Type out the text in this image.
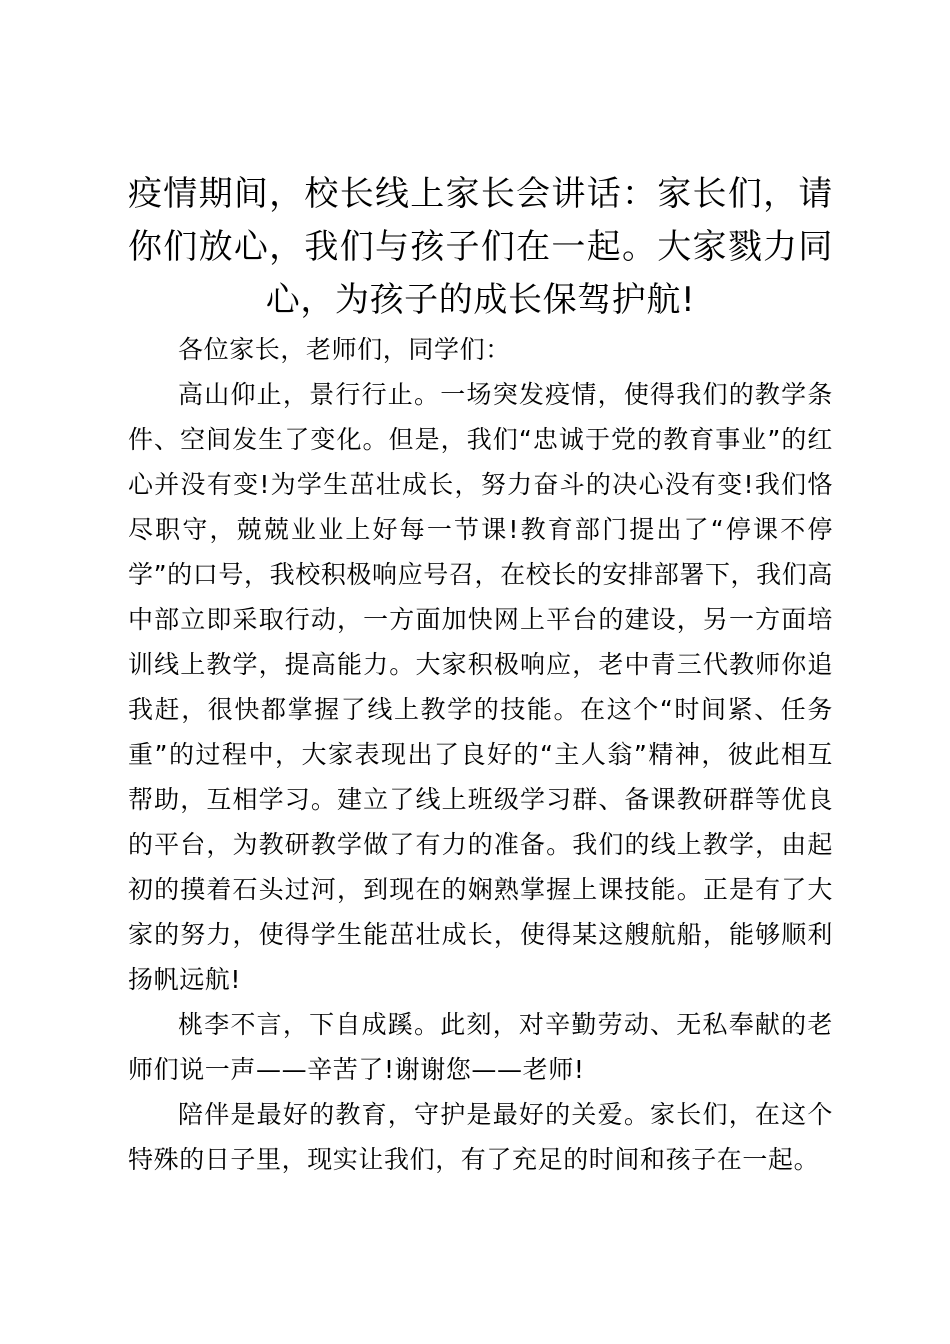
疫情期间，校长线上家长会讲话：家长们，请你们放心，我们与孩子们在一起。大家戮力同心，为孩子的成长保驾护航!

各位家长，老师们，同学们：

高山仰止，景行行止。一场突发疫情，使得我们的教学条件、空间发生了变化。但是，我们“忠诚于党的教育事业”的红心并没有变!为学生茁壮成长，努力奋斗的决心没有变!我们恪尽职守，兢兢业业上好每一节课!教育部门提出了“停课不停学”的口号，我校积极响应号召，在校长的安排部署下，我们高中部立即采取行动，一方面加快网上平台的建设，另一方面培训线上教学，提高能力。大家积极响应，老中青三代教师你追我赶，很快都掌握了线上教学的技能。在这个“时间紧、任务重”的过程中，大家表现出了良好的“主人翁”精神，彼此相互帮助，互相学习。建立了线上班级学习群、备课教研群等优良的平台，为教研教学做了有力的准备。我们的线上教学，由起初的摸着石头过河，到现在的娴熟掌握上课技能。正是有了大家的努力，使得学生能茁壮成长，使得某这艘航船，能够顺利扬帆远航!

桃李不言，下自成蹊。此刻，对辛勤劳动、无私奉献的老师们说一声——辛苦了!谢谢您——老师!

陪伴是最好的教育，守护是最好的关爱。家长们，在这个特殊的日子里，现实让我们，有了充足的时间和孩子在一起。
